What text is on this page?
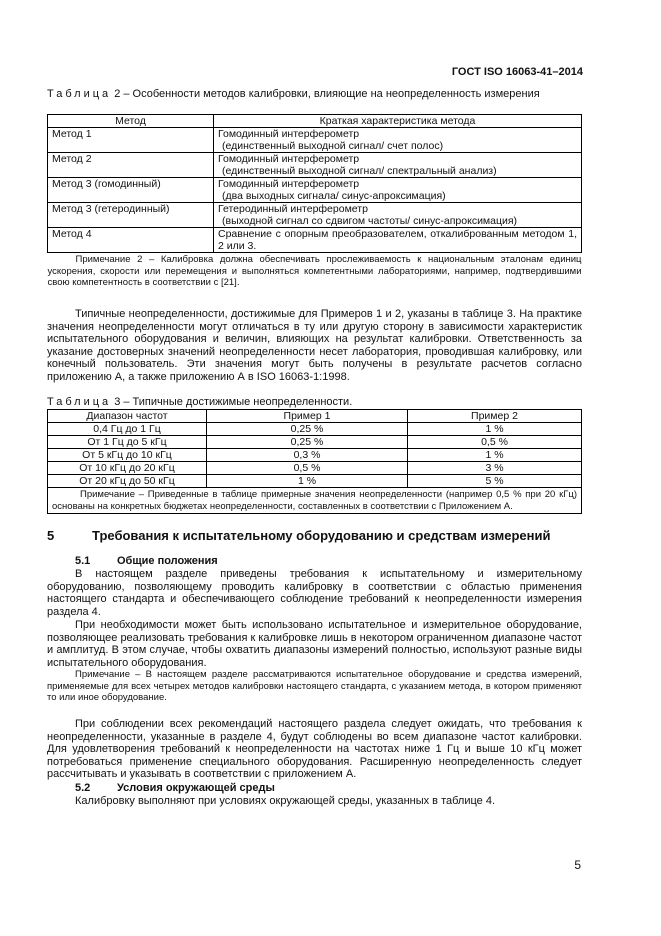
ГОСТ ISO 16063-41–2014
Таблица 2 – Особенности методов калибровки, влияющие на неопределенность измерения
Метод	Краткая характеристика метода
Метод 1	Гомодинный интерферометр
(единственный выходной сигнал/ счет полос)

Метод 2	Гомодинный интерферометр
(единственный выходной сигнал/ спектральный анализ)

Метод 3 (гомодинный)	Гомодинный интерферометр
(два выходных сигнала/ синус-апроксимация)

Метод 3 (гетеродинный)	Гетеродинный интерферометр
(выходной сигнал со сдвигом частоты/ синус-апроксимация)

Метод 4	Сравнение с опорным преобразователем, откалиброванным методом 1, 2 или 3.
Примечание 2 – Калибровка должна обеспечивать прослеживаемость к национальным эталонам единиц ускорения, скорости или перемещения и выполняться компетентными лабораториями, например, подтвердившими свою компетентность в соответствии с [21].	
Типичные неопределенности, достижимые для Примеров 1 и 2, указаны в таблице 3. На практике значения неопределенности могут отличаться в ту или другую сторону в зависимости характеристик испытательного оборудования и величин, влияющих на результат калибровки. Ответственность за указание достоверных значений неопределенности несет лаборатория, проводившая калибровку, или конечный пользователь. Эти значения могут быть получены в результате расчетов согласно приложению А, а также приложению А в ISO 16063-1:1998.
Таблица 3 – Типичные достижимые неопределенности.
Диапазон частот	Пример 1	Пример 2
0,4 Гц до 1 Гц	0,25 %	1 %
От 1 Гц до 5 кГц	0,25 %	0,5 %
От 5 кГц до 10 кГц	0,3 %	1 %
От 10 кГц до 20 кГц	0,5 %	3 %
От 20 кГц до 50 кГц	1 %	5 %
Примечание – Приведенные в таблице примерные значения неопределенности (например 0,5 % при 20 кГц) основаны на конкретных бюджетах неопределенности, составленных в соответствии с Приложением А.		
5	Требования к испытательному оборудованию и средствам измерений
5.1 Общие положения
В настоящем разделе приведены требования к испытательному и измерительному оборудованию, позволяющему проводить калибровку в соответствии с областью применения настоящего стандарта и обеспечивающего соблюдение требований к неопределенности измерения раздела 4.
При необходимости может быть использовано испытательное и измерительное оборудование, позволяющее реализовать требования к калибровке лишь в некотором ограниченном диапазоне частот и амплитуд. В этом случае, чтобы охватить диапазоны измерений полностью, используют разные виды испытательного оборудования.
Примечание – В настоящем разделе рассматриваются испытательное оборудование и средства измерений, применяемые для всех четырех методов калибровки настоящего стандарта, с указанием метода, в котором применяют то или иное оборудование.
При соблюдении всех рекомендаций настоящего раздела следует ожидать, что требования к неопределенности, указанные в разделе 4, будут соблюдены во всем диапазоне частот калибровки. Для удовлетворения требований к неопределенности на частотах ниже 1 Гц и выше 10 кГц может потребоваться применение специального оборудования. Расширенную неопределенность следует рассчитывать и указывать в соответствии с приложением А.
5.2 Условия окружающей среды
Калибровку выполняют при условиях окружающей среды, указанных в таблице 4.
5
